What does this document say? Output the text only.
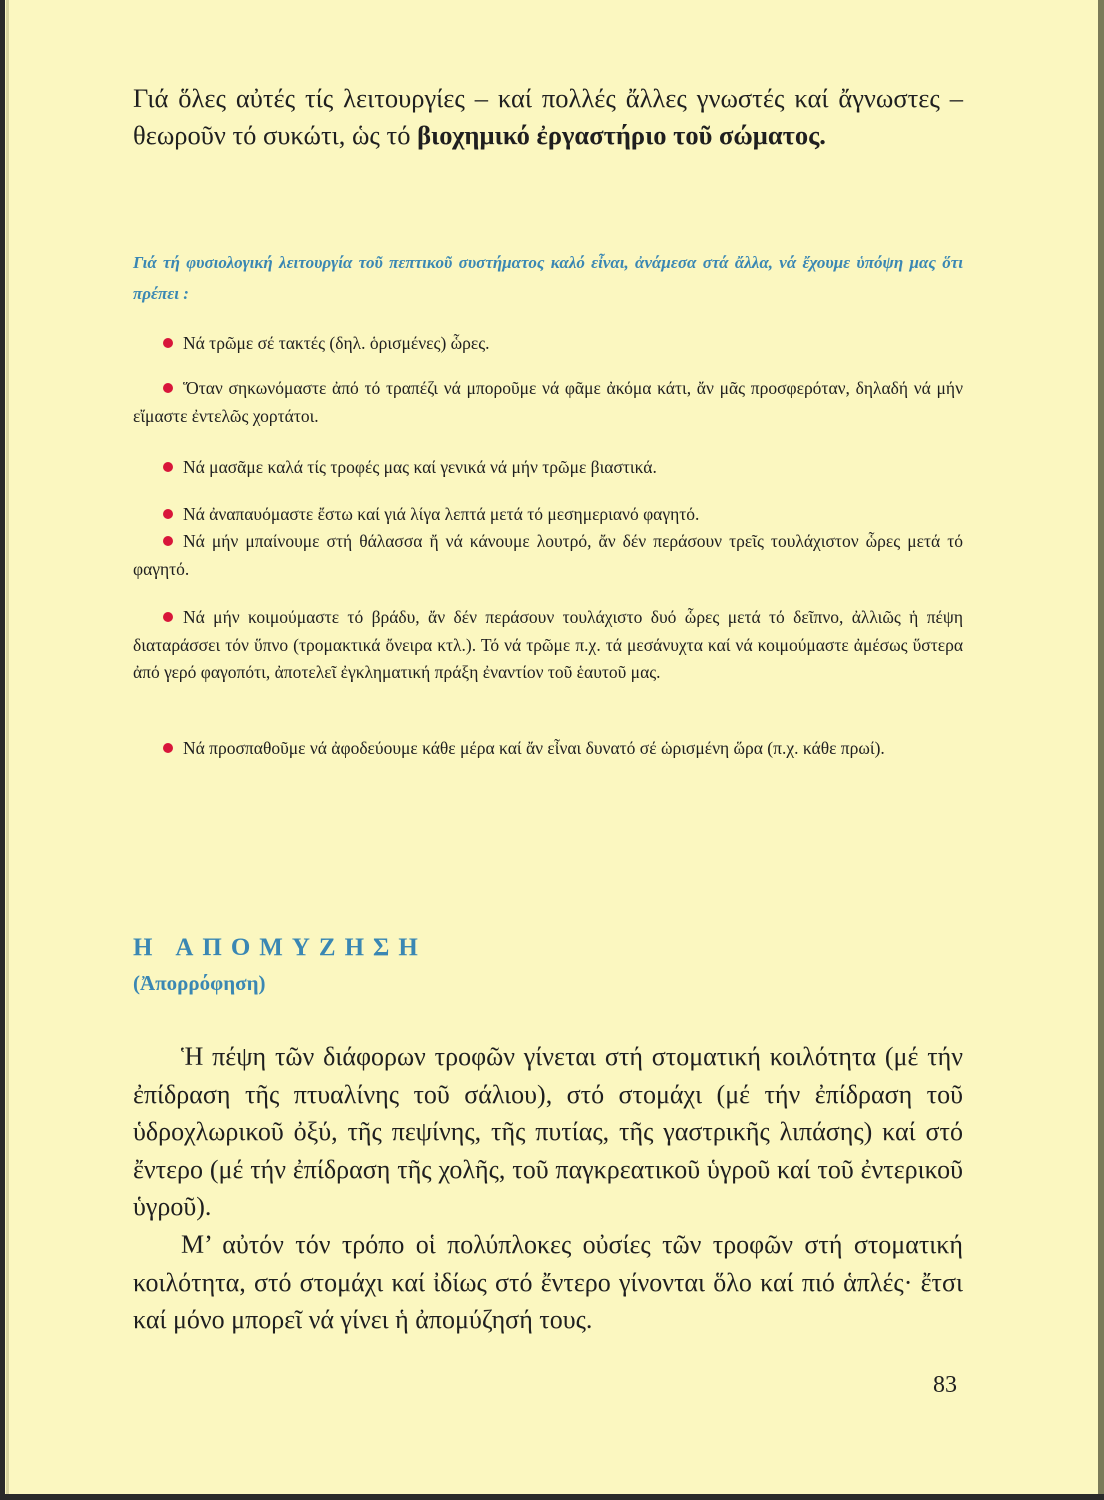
Γιά ὅλες αὐτές τίς λειτουργίες – καί πολλές ἄλλες γνωστές καί ἄγνωστες – θεωροῦν τό συκώτι, ὡς τό βιοχημικό ἐργαστήριο τοῦ σώματος.
Γιά τή φυσιολογική λειτουργία τοῦ πεπτικοῦ συστήματος καλό εἶναι, ἀνάμεσα στά ἄλλα, νά ἔχουμε ὑπόψη μας ὅτι πρέπει :
Νά τρῶμε σέ τακτές (δηλ. ὁρισμένες) ὧρες.
Ὅταν σηκωνόμαστε ἀπό τό τραπέζι νά μποροῦμε νά φᾶμε ἀκόμα κάτι, ἄν μᾶς προσφερόταν, δηλαδή νά μήν εἴμαστε ἐντελῶς χορτάτοι.
Νά μασᾶμε καλά τίς τροφές μας καί γενικά νά μήν τρῶμε βιαστικά.
Νά ἀναπαυόμαστε ἔστω καί γιά λίγα λεπτά μετά τό μεσημεριανό φαγητό.
Νά μήν μπαίνουμε στή θάλασσα ἤ νά κάνουμε λουτρό, ἄν δέν περάσουν τρεῖς τουλάχιστον ὧρες μετά τό φαγητό.
Νά μήν κοιμούμαστε τό βράδυ, ἄν δέν περάσουν τουλάχιστο δυό ὧρες μετά τό δεῖπνο, ἀλλιῶς ἡ πέψη διαταράσσει τόν ὕπνο (τρομακτικά ὄνειρα κτλ.). Τό νά τρῶμε π.χ. τά μεσάνυχτα καί νά κοιμούμαστε ἀμέσως ὕστερα ἀπό γερό φαγοπότι, ἀποτελεῖ ἐγκληματική πράξη ἐναντίον τοῦ ἑαυτοῦ μας.
Νά προσπαθοῦμε νά ἀφοδεύουμε κάθε μέρα καί ἄν εἶναι δυνατό σέ ὡρισμένη ὥρα (π.χ. κάθε πρωί).
Η ΑΠΟΜΥΖΗΣΗ
(Ἀπορρόφηση)
Ἡ πέψη τῶν διάφορων τροφῶν γίνεται στή στοματική κοιλότητα (μέ τήν ἐπίδραση τῆς πτυαλίνης τοῦ σάλιου), στό στομάχι (μέ τήν ἐπίδραση τοῦ ὑδροχλωρικοῦ ὀξύ, τῆς πεψίνης, τῆς πυτίας, τῆς γαστρικῆς λιπάσης) καί στό ἔντερο (μέ τήν ἐπίδραση τῆς χολῆς, τοῦ παγκρεατικοῦ ὑγροῦ καί τοῦ ἐντερικοῦ ὑγροῦ).
Μ’ αὐτόν τόν τρόπο οἱ πολύπλοκες οὐσίες τῶν τροφῶν στή στοματική κοιλότητα, στό στομάχι καί ἰδίως στό ἔντερο γίνονται ὅλο καί πιό ἁπλές· ἔτσι καί μόνο μπορεῖ νά γίνει ἡ ἀπομύζησή τους.
83
